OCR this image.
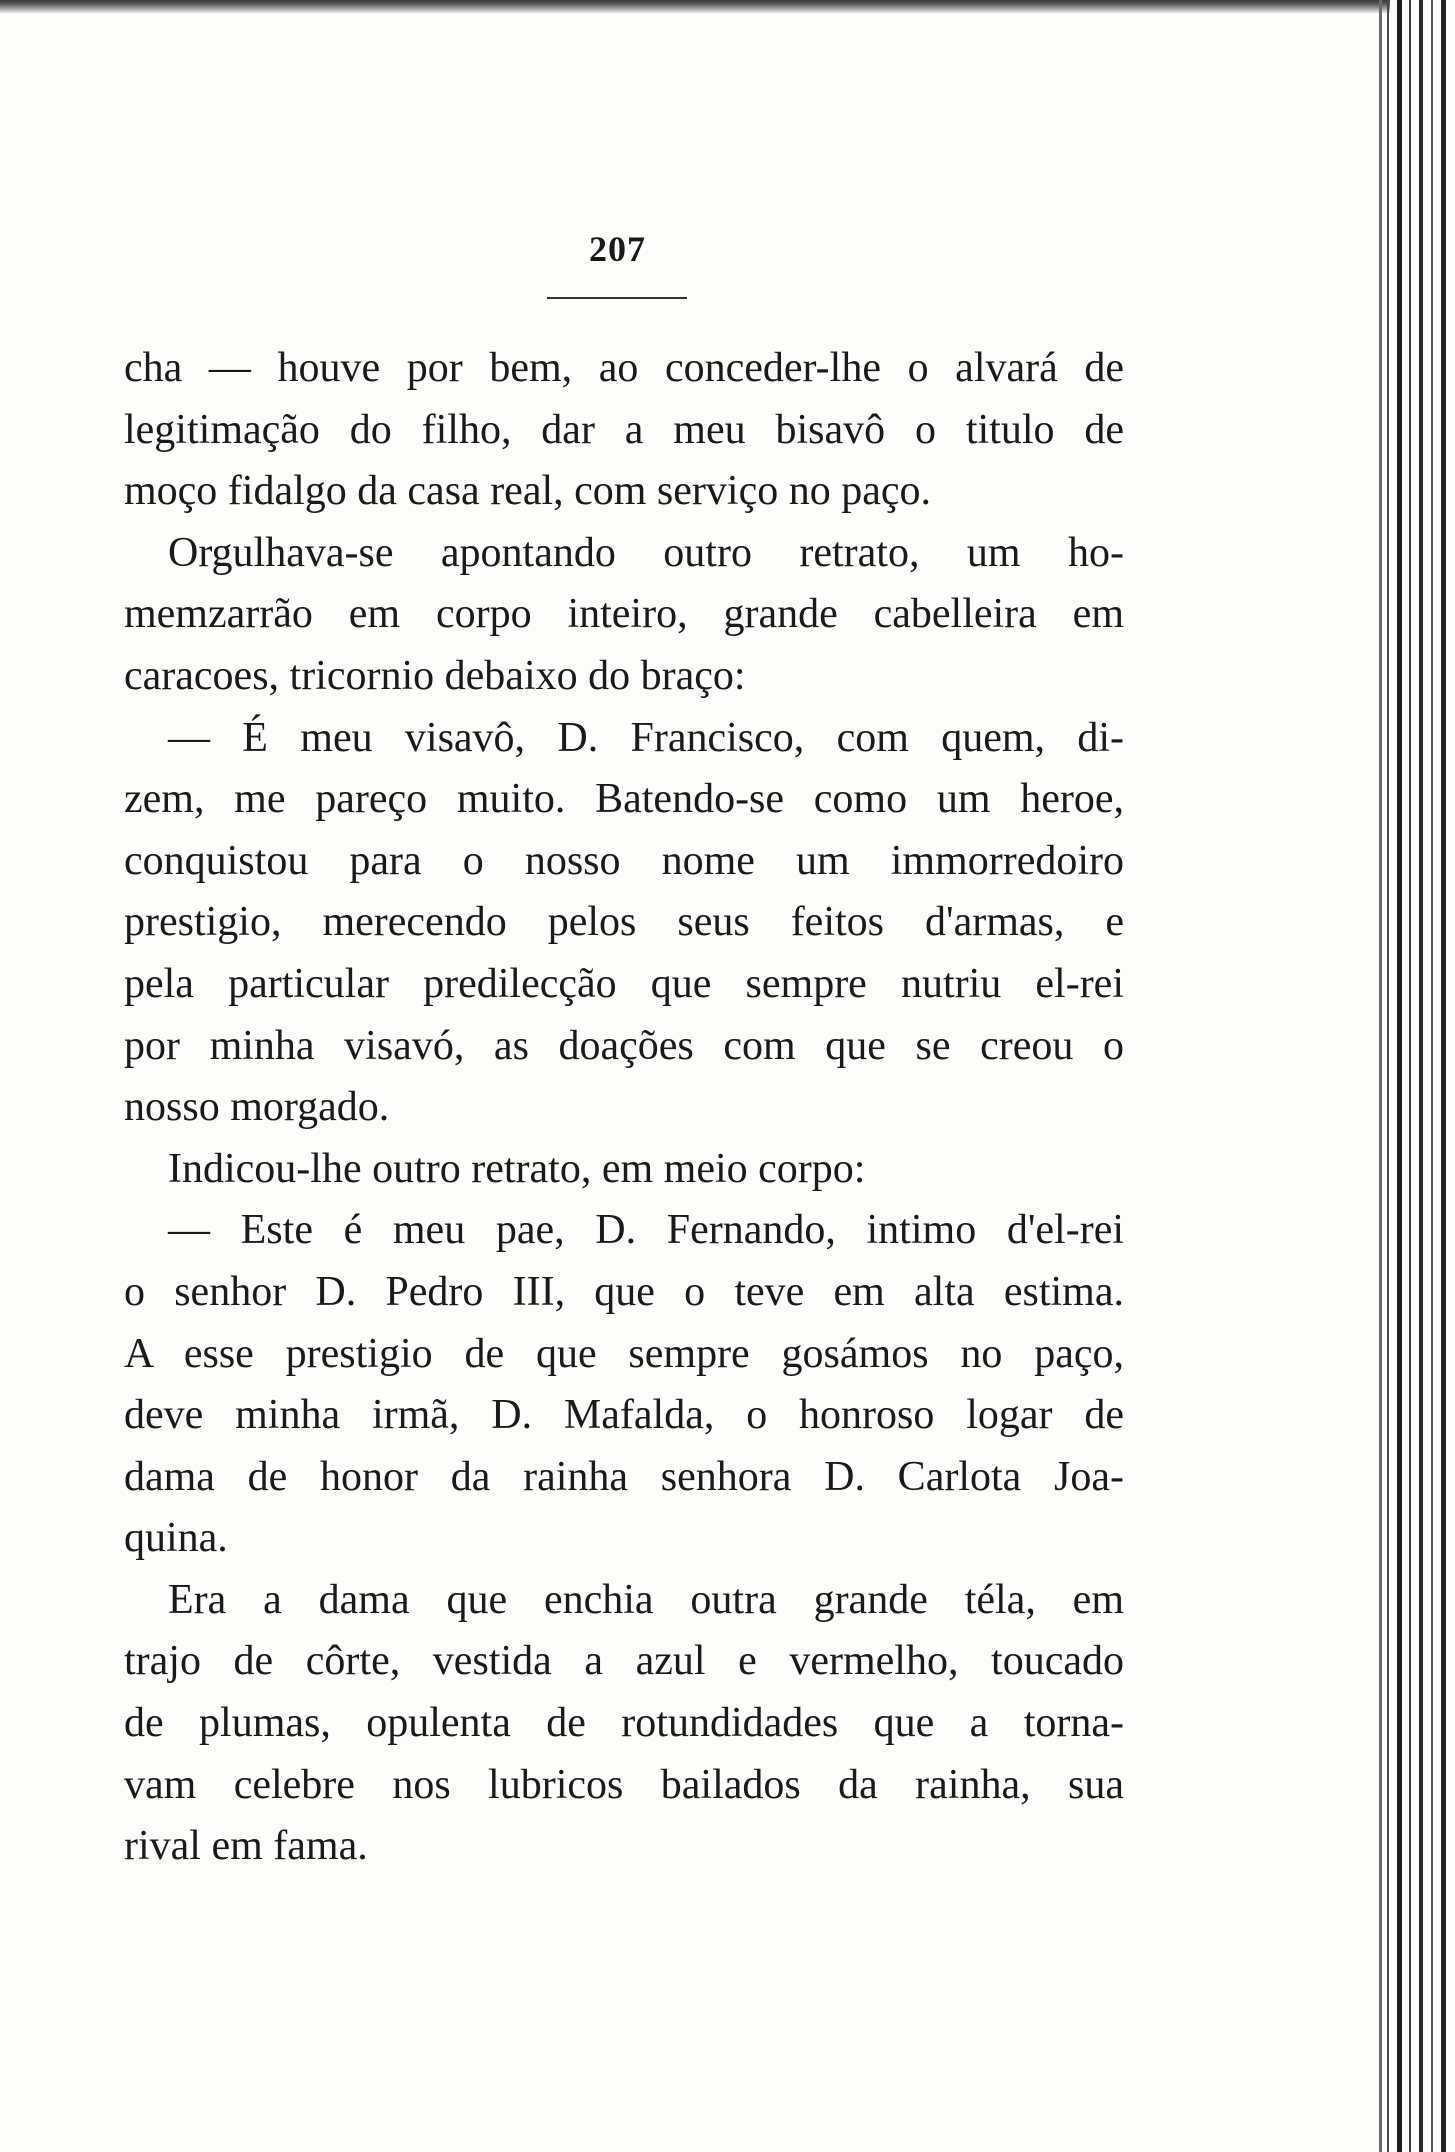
207
cha — houve por bem, ao conceder-lhe o alvará de
legitimação do filho, dar a meu bisavô o titulo de
moço fidalgo da casa real, com serviço no paço.
Orgulhava-se apontando outro retrato, um ho-
memzarrão em corpo inteiro, grande cabelleira em
caracoes, tricornio debaixo do braço:
— É meu visavô, D. Francisco, com quem, di-
zem, me pareço muito. Batendo-se como um heroe,
conquistou para o nosso nome um immorredoiro
prestigio, merecendo pelos seus feitos d'armas, e
pela particular predilecção que sempre nutriu el-rei
por minha visavó, as doações com que se creou o
nosso morgado.
Indicou-lhe outro retrato, em meio corpo:
— Este é meu pae, D. Fernando, intimo d'el-rei
o senhor D. Pedro III, que o teve em alta estima.
A esse prestigio de que sempre gosámos no paço,
deve minha irmã, D. Mafalda, o honroso logar de
dama de honor da rainha senhora D. Carlota Joa-
quina.
Era a dama que enchia outra grande téla, em
trajo de côrte, vestida a azul e vermelho, toucado
de plumas, opulenta de rotundidades que a torna-
vam celebre nos lubricos bailados da rainha, sua
rival em fama.
